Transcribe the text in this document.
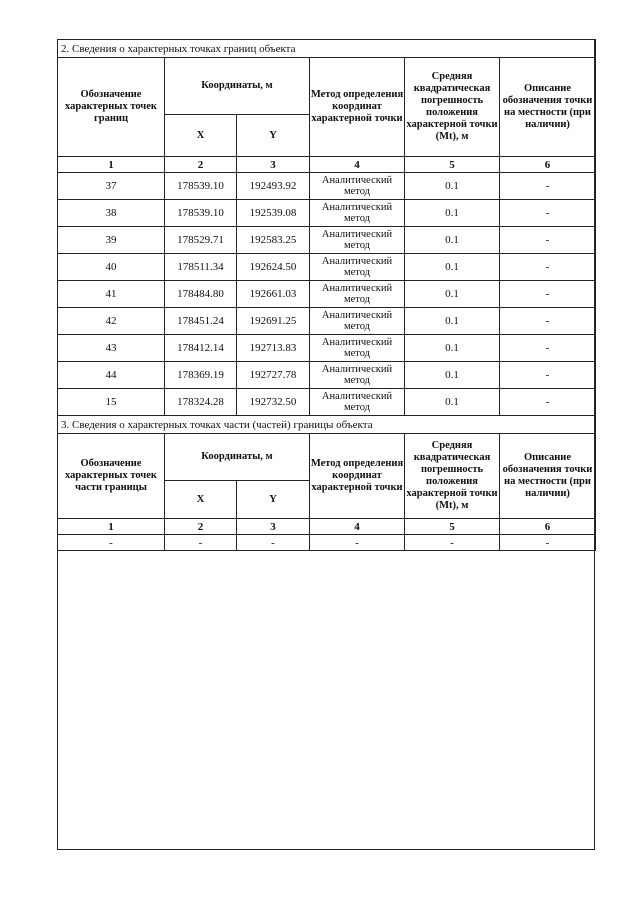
2. Сведения о характерных точках границ объекта					
Обозначение характерных точек границ	Координаты, м		Метод определения координат характерной точки	Средняя квадратическая погрешность положения характерной точки (Mt), м	Описание обозначения точки на местности (при наличии)
	X	Y			
1	2	3	4	5	6
37	178539.10	192493.92	Аналитический метод	0.1	-
38	178539.10	192539.08	Аналитический метод	0.1	-
39	178529.71	192583.25	Аналитический метод	0.1	-
40	178511.34	192624.50	Аналитический метод	0.1	-
41	178484.80	192661.03	Аналитический метод	0.1	-
42	178451.24	192691.25	Аналитический метод	0.1	-
43	178412.14	192713.83	Аналитический метод	0.1	-
44	178369.19	192727.78	Аналитический метод	0.1	-
15	178324.28	192732.50	Аналитический метод	0.1	-
3. Сведения о характерных точках части (частей) границы объекта					
Обозначение характерных точек части границы	Координаты, м		Метод определения координат характерной точки	Средняя квадратическая погрешность положения характерной точки (Mt), м	Описание обозначения точки на местности (при наличии)
	X	Y			
1	2	3	4	5	6
-	-	-	-	-	-
